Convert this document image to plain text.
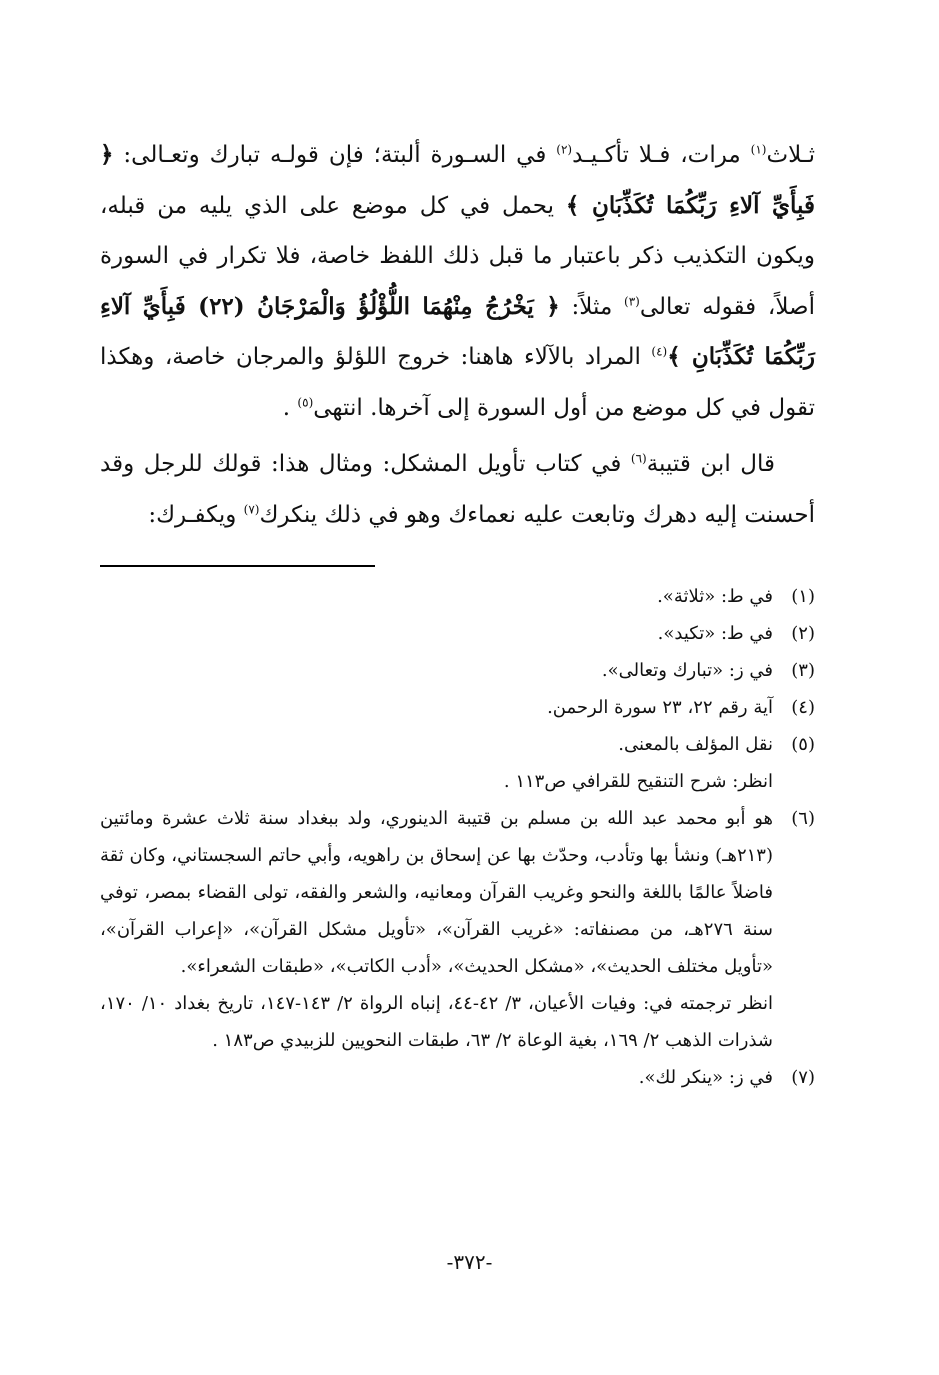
ثـلاث$^{(١)}$ مرات، فـلا تأكـيـد$^{(٢)}$ في السـورة ألبتة؛ فإن قولـه تبارك وتعـالى: ﴿ فَبِأَيِّ آلاءِ رَبِّكُمَا تُكَذِّبَانِ ﴾ يحمل في كل موضع على الذي يليه من قبله، ويكون التكذيب ذكر باعتبار ما قبل ذلك اللفظ خاصة، فلا تكرار في السورة أصلاً، فقوله تعالى$^{(٣)}$ مثلاً: ﴿ يَخْرُجُ مِنْهُمَا اللُّؤْلُؤُ وَالْمَرْجَانُ (٢٢) فَبِأَيِّ آلاءِ رَبِّكُمَا تُكَذِّبَانِ ﴾$^{(٤)}$ المراد بالآلاء هاهنا: خروج اللؤلؤ والمرجان خاصة، وهكذا تقول في كل موضع من أول السورة إلى آخرها. انتهى$^{(٥)}$ .

قال ابن قتيبة$^{(٦)}$ في كتاب تأويل المشكل: ومثال هذا: قولك للرجل وقد أحسنت إليه دهرك وتابعت عليه نعماءك وهو في ذلك ينكرك$^{(٧)}$ ويكفـرك:

(١)
في ط: «ثلاثة».
(٢)
في ط: «تكيد».
(٣)
في ز: «تبارك وتعالى».
(٤)
آية رقم ٢٢، ٢٣ سورة الرحمن.
(٥)
نقل المؤلف بالمعنى.
انظر: شرح التنقيح للقرافي ص١١٣ .
(٦)
هو أبو محمد عبد الله بن مسلم بن قتيبة الدينوري، ولد ببغداد سنة ثلاث عشرة ومائتين (٢١٣هـ) ونشأ بها وتأدب، وحدّث بها عن إسحاق بن راهويه، وأبي حاتم السجستاني، وكان ثقة فاضلاً عالمًا باللغة والنحو وغريب القرآن ومعانيه، والشعر والفقه، تولى القضاء بمصر، توفي سنة ٢٧٦هـ، من مصنفاته: «غريب القرآن»، «تأويل مشكل القرآن»، «إعراب القرآن»، «تأويل مختلف الحديث»، «مشكل الحديث»، «أدب الكاتب»، «طبقات الشعراء».
انظر ترجمته في: وفيات الأعيان، ٣/ ٤٢-٤٤، إنباه الرواة ٢/ ١٤٣-١٤٧، تاريخ بغداد ١٠/ ١٧٠، شذرات الذهب ٢/ ١٦٩، بغية الوعاة ٢/ ٦٣، طبقات النحويين للزبيدي ص١٨٣ .
(٧)
في ز: «ينكر لك».
-٣٧٢-
